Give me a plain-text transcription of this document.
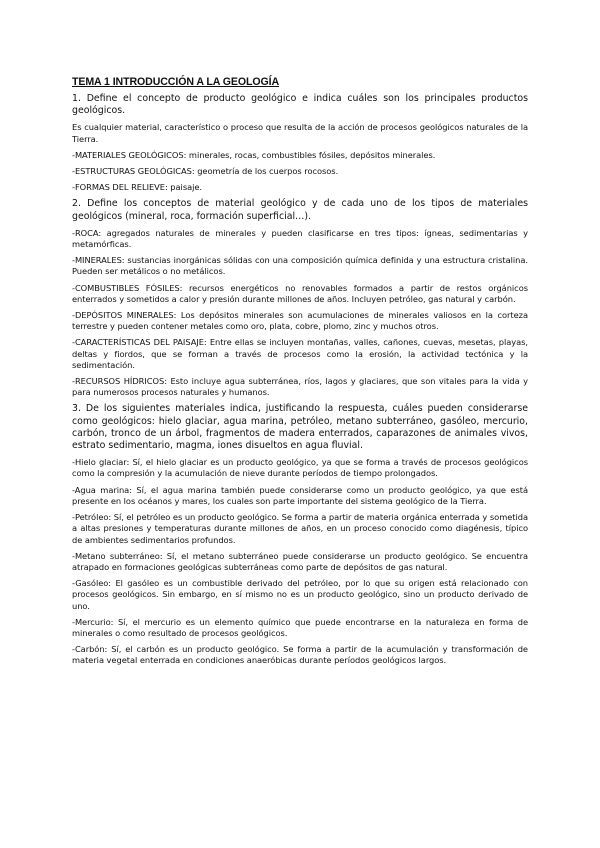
TEMA 1 INTRODUCCIÓN A LA GEOLOGÍA
1. Define el concepto de producto geológico e indica cuáles son los principales productos geológicos.
Es cualquier material, característico o proceso que resulta de la acción de procesos geológicos naturales de la Tierra.
-MATERIALES GEOLÓGICOS: minerales, rocas, combustibles fósiles, depósitos minerales.
-ESTRUCTURAS GEOLÓGICAS: geometría de los cuerpos rocosos.
-FORMAS DEL RELIEVE: paisaje.
2. Define los conceptos de material geológico y de cada uno de los tipos de materiales geológicos (mineral, roca, formación superficial…).
-ROCA: agregados naturales de minerales y pueden clasificarse en tres tipos: ígneas, sedimentarias y metamórficas.
-MINERALES: sustancias inorgánicas sólidas con una composición química definida y una estructura cristalina. Pueden ser metálicos o no metálicos.
-COMBUSTIBLES FÓSILES: recursos energéticos no renovables formados a partir de restos orgánicos enterrados y sometidos a calor y presión durante millones de años. Incluyen petróleo, gas natural y carbón.
-DEPÓSITOS MINERALES: Los depósitos minerales son acumulaciones de minerales valiosos en la corteza terrestre y pueden contener metales como oro, plata, cobre, plomo, zinc y muchos otros.
-CARACTERÍSTICAS DEL PAISAJE: Entre ellas se incluyen montañas, valles, cañones, cuevas, mesetas, playas, deltas y fiordos, que se forman a través de procesos como la erosión, la actividad tectónica y la sedimentación.
-RECURSOS HÍDRICOS: Esto incluye agua subterránea, ríos, lagos y glaciares, que son vitales para la vida y para numerosos procesos naturales y humanos.
3. De los siguientes materiales indica, justificando la respuesta, cuáles pueden considerarse como geológicos: hielo glaciar, agua marina, petróleo, metano subterráneo, gasóleo, mercurio, carbón, tronco de un árbol, fragmentos de madera enterrados, caparazones de animales vivos, estrato sedimentario, magma, iones disueltos en agua fluvial.
-Hielo glaciar: Sí, el hielo glaciar es un producto geológico, ya que se forma a través de procesos geológicos como la compresión y la acumulación de nieve durante períodos de tiempo prolongados.
-Agua marina: Sí, el agua marina también puede considerarse como un producto geológico, ya que está presente en los océanos y mares, los cuales son parte importante del sistema geológico de la Tierra.
-Petróleo: Sí, el petróleo es un producto geológico. Se forma a partir de materia orgánica enterrada y sometida a altas presiones y temperaturas durante millones de años, en un proceso conocido como diagénesis, típico de ambientes sedimentarios profundos.
-Metano subterráneo: Sí, el metano subterráneo puede considerarse un producto geológico. Se encuentra atrapado en formaciones geológicas subterráneas como parte de depósitos de gas natural.
-Gasóleo: El gasóleo es un combustible derivado del petróleo, por lo que su origen está relacionado con procesos geológicos. Sin embargo, en sí mismo no es un producto geológico, sino un producto derivado de uno.
-Mercurio: Sí, el mercurio es un elemento químico que puede encontrarse en la naturaleza en forma de minerales o como resultado de procesos geológicos.
-Carbón: Sí, el carbón es un producto geológico. Se forma a partir de la acumulación y transformación de materia vegetal enterrada en condiciones anaeróbicas durante períodos geológicos largos.
